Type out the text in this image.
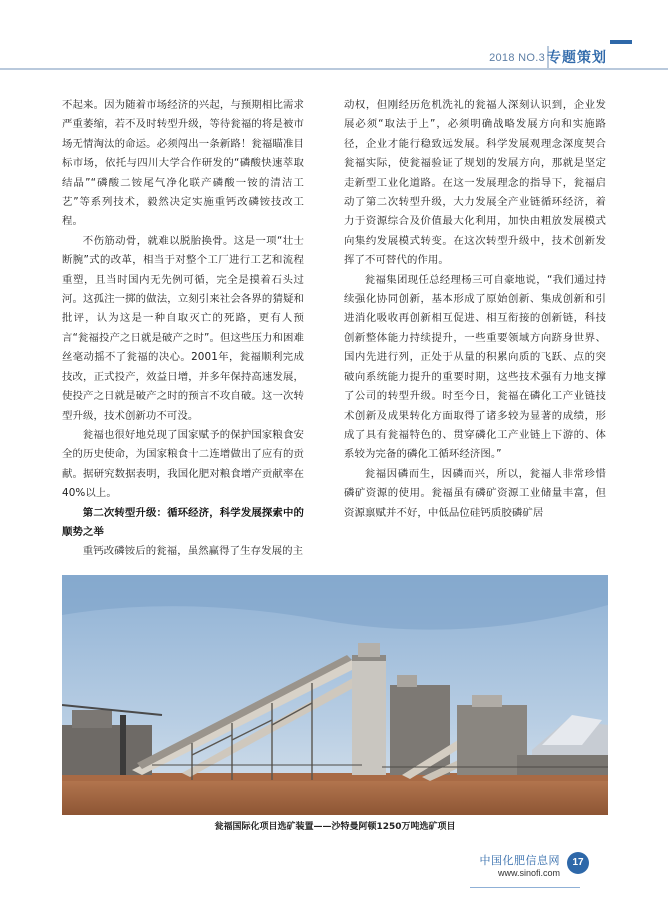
2018 NO.3 专题策划

不起来。因为随着市场经济的兴起，与预期相比需求严重萎缩，若不及时转型升级，等待瓮福的将是被市场无情淘汰的命运。必须闯出一条新路！瓮福瞄准目标市场，依托与四川大学合作研发的“磷酸快速萃取结晶”“磷酸二铵尾气净化联产磷酸一铵的清洁工艺”等系列技术，毅然决定实施重钙改磷铵技改工程。

不伤筋动骨，就难以脱胎换骨。这是一项“壮士断腕”式的改革，相当于对整个工厂进行工艺和流程重塑，且当时国内无先例可循，完全是摸着石头过河。这孤注一掷的做法，立刻引来社会各界的猜疑和批评，认为这是一种自取灭亡的死路，更有人预言“瓮福投产之日就是破产之时”。但这些压力和困难丝毫动摇不了瓮福的决心。2001年，瓮福顺利完成技改，正式投产，效益日增，并多年保持高速发展，使投产之日就是破产之时的预言不攻自破。这一次转型升级，技术创新功不可没。

瓮福也很好地兑现了国家赋予的保护国家粮食安全的历史使命，为国家粮食十二连增做出了应有的贡献。据研究数据表明，我国化肥对粮食增产贡献率在40%以上。

第二次转型升级：循环经济，科学发展探索中的顺势之举

重钙改磷铵后的瓮福，虽然赢得了生存发展的主

动权，但刚经历危机洗礼的瓮福人深刻认识到，企业发展必须“取法于上”，必须明确战略发展方向和实施路径，企业才能行稳致远发展。科学发展观理念深度契合瓮福实际，使瓮福验证了规划的发展方向，那就是坚定走新型工业化道路。在这一发展理念的指导下，瓮福启动了第二次转型升级，大力发展全产业链循环经济，着力于资源综合及价值最大化利用，加快由粗放发展模式向集约发展模式转变。在这次转型升级中，技术创新发挥了不可替代的作用。

瓮福集团现任总经理杨三可自豪地说，“我们通过持续强化协同创新，基本形成了原始创新、集成创新和引进消化吸收再创新相互促进、相互衔接的创新链，科技创新整体能力持续提升，一些重要领域方向跻身世界、国内先进行列，正处于从量的积累向质的飞跃、点的突破向系统能力提升的重要时期，这些技术强有力地支撑了公司的转型升级。时至今日，瓮福在磷化工产业链技术创新及成果转化方面取得了诸多较为显著的成绩，形成了具有瓮福特色的、贯穿磷化工产业链上下游的、体系较为完备的磷化工循环经济图。”

瓮福因磷而生，因磷而兴，所以，瓮福人非常珍惜磷矿资源的使用。瓮福虽有磷矿资源工业储量丰富，但资源禀赋并不好，中低品位硅钙质胶磷矿居

瓮福国际化项目选矿装置——沙特曼阿顿1250万吨选矿项目
中国化肥信息网
www.sinofi.com
17
